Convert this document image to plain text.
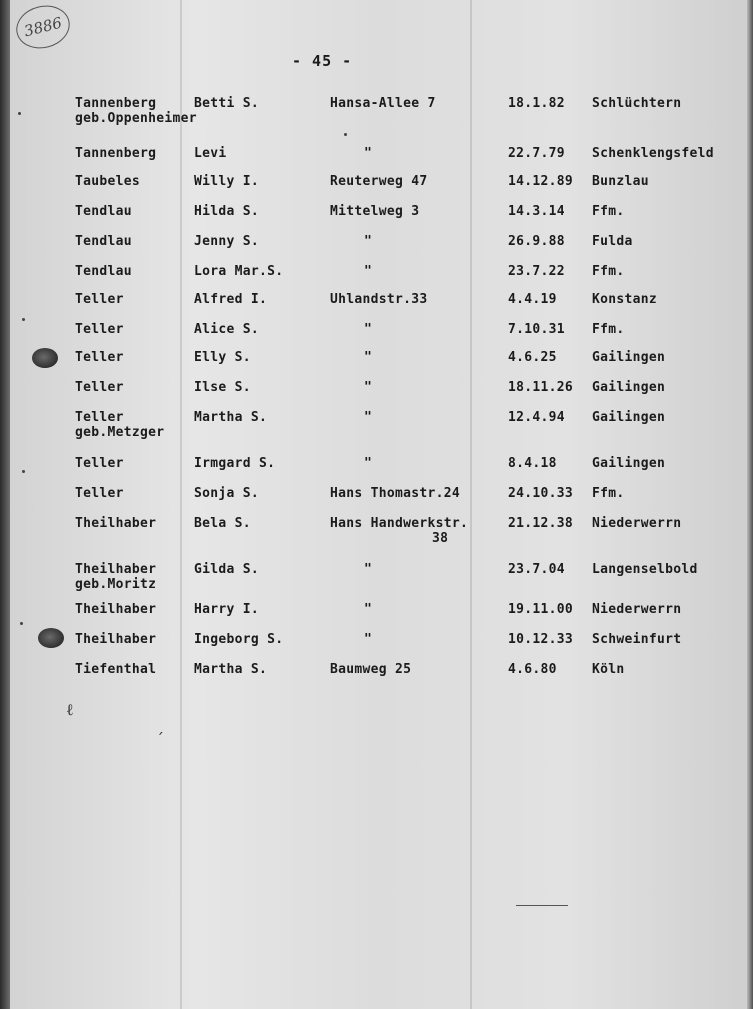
3886
- 45 -
ℓ
ˊ
Tannenberg	Betti S.	Hansa-Allee 7	18.1.82 Schlüchtern
geb.Oppenheimer
Tannenberg	Levi	"	22.7.79 Schenklengsfeld
Taubeles	Willy I.	Reuterweg 47	14.12.89 Bunzlau
Tendlau	Hilda S.	Mittelweg 3	14.3.14 Ffm.
Tendlau	Jenny S.	"	26.9.88 Fulda
Tendlau	Lora Mar.S.	"	23.7.22 Ffm.
Teller	Alfred I.	Uhlandstr.33	4.4.19	Konstanz
Teller	Alice S.	"	7.10.31 Ffm.
Teller	Elly S.	"	4.6.25	Gailingen
Teller	Ilse S.	"	18.11.26 Gailingen
Teller	Martha S.	"	12.4.94 Gailingen
geb.Metzger
Teller	Irmgard S.	"	8.4.18	Gailingen
Teller	Sonja S.	Hans Thomastr.24	24.10.33 Ffm.
Theilhaber	Bela S.	Hans Handwerkstr.	21.12.38 Niederwerrn
38
Theilhaber	Gilda S.	"	23.7.04 Langenselbold
geb.Moritz
Theilhaber	Harry I.	"	19.11.00 Niederwerrn
Theilhaber	Ingeborg S.	"	10.12.33 Schweinfurt
Tiefenthal	Martha S.	Baumweg 25	4.6.80	Köln
